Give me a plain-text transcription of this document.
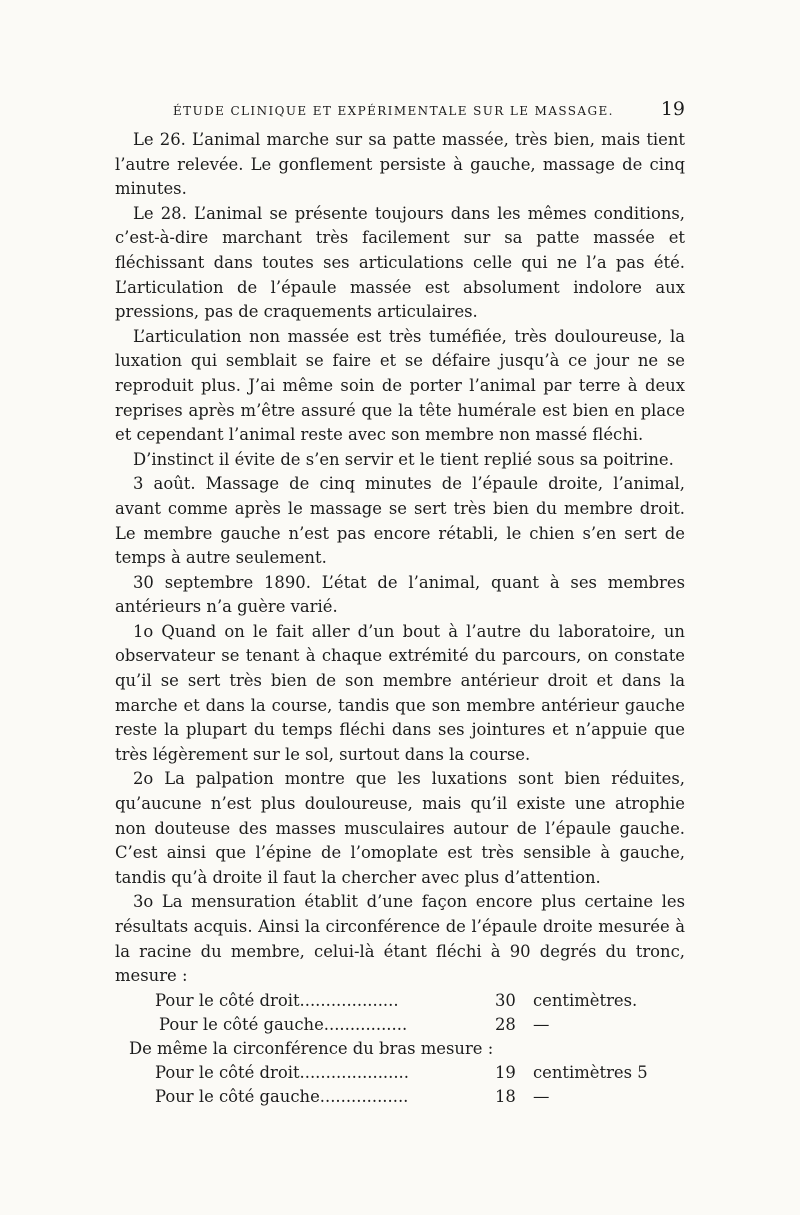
ÉTUDE CLINIQUE ET EXPÉRIMENTALE SUR LE MASSAGE. 19

Le 26. L’animal marche sur sa patte massée, très bien, mais tient l’autre relevée. Le gonflement persiste à gauche, massage de cinq minutes.

Le 28. L’animal se présente toujours dans les mêmes conditions, c’est-à-dire marchant très facilement sur sa patte massée et fléchissant dans toutes ses articulations celle qui ne l’a pas été. L’articulation de l’épaule massée est absolument indolore aux pressions, pas de craquements articulaires.

L’articulation non massée est très tuméfiée, très douloureuse, la luxation qui semblait se faire et se défaire jusqu’à ce jour ne se reproduit plus. J’ai même soin de porter l’animal par terre à deux reprises après m’être assuré que la tête humérale est bien en place et cependant l’animal reste avec son membre non massé fléchi.

D’instinct il évite de s’en servir et le tient replié sous sa poitrine.

3 août. Massage de cinq minutes de l’épaule droite, l’animal, avant comme après le massage se sert très bien du membre droit. Le membre gauche n’est pas encore rétabli, le chien s’en sert de temps à autre seulement.

30 septembre 1890. L’état de l’animal, quant à ses membres antérieurs n’a guère varié.

1o Quand on le fait aller d’un bout à l’autre du laboratoire, un observateur se tenant à chaque extrémité du parcours, on constate qu’il se sert très bien de son membre antérieur droit et dans la marche et dans la course, tandis que son membre antérieur gauche reste la plupart du temps fléchi dans ses jointures et n’appuie que très légèrement sur le sol, surtout dans la course.

2o La palpation montre que les luxations sont bien réduites, qu’aucune n’est plus douloureuse, mais qu’il existe une atrophie non douteuse des masses musculaires autour de l’épaule gauche. C’est ainsi que l’épine de l’omoplate est très sensible à gauche, tandis qu’à droite il faut la chercher avec plus d’attention.

3o La mensuration établit d’une façon encore plus certaine les résultats acquis. Ainsi la circonférence de l’épaule droite mesurée à la racine du membre, celui-là étant fléchi à 90 degrés du tronc, mesure :

Pour le côté droit...................	30	centimètres.
Pour le côté gauche................	28	—
De même la circonférence du bras mesure :
Pour le côté droit.....................	19	centimètres 5
Pour le côté gauche.................	18	—
